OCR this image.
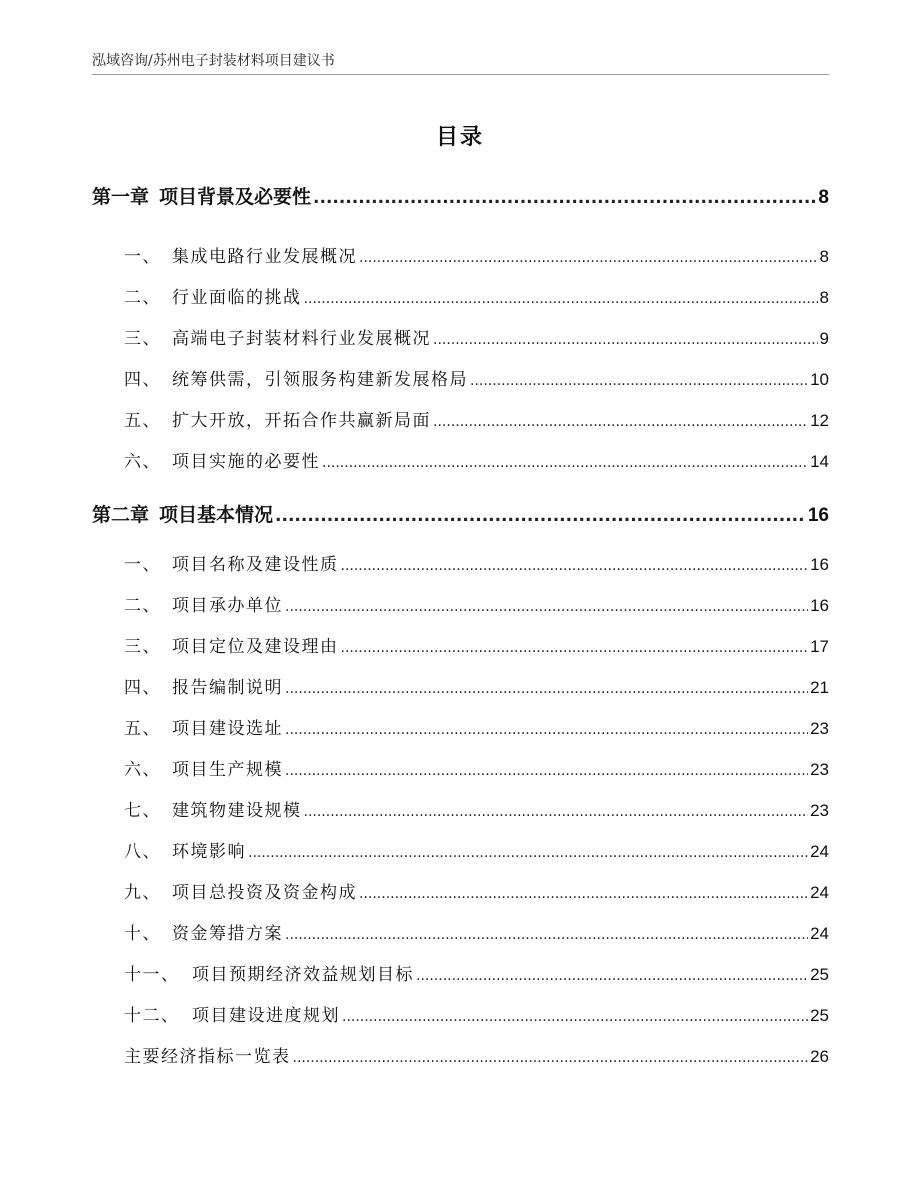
泓域咨询/苏州电子封装材料项目建议书
目录
第一章 项目背景及必要性 .....	8
一、 集成电路行业发展概况 .....	8
二、 行业面临的挑战 .....	8
三、 高端电子封装材料行业发展概况 .....	9
四、 统筹供需，引领服务构建新发展格局 .....	10
五、 扩大开放，开拓合作共赢新局面 .....	12
六、 项目实施的必要性 .....	14
第二章 项目基本情况 .....	16
一、 项目名称及建设性质 .....	16
二、 项目承办单位 .....	16
三、 项目定位及建设理由 .....	17
四、 报告编制说明 .....	21
五、 项目建设选址 .....	23
六、 项目生产规模 .....	23
七、 建筑物建设规模 .....	23
八、 环境影响 .....	24
九、 项目总投资及资金构成 .....	24
十、 资金筹措方案 .....	24
十一、 项目预期经济效益规划目标 .....	25
十二、 项目建设进度规划 .....	25
主要经济指标一览表 .....	26
